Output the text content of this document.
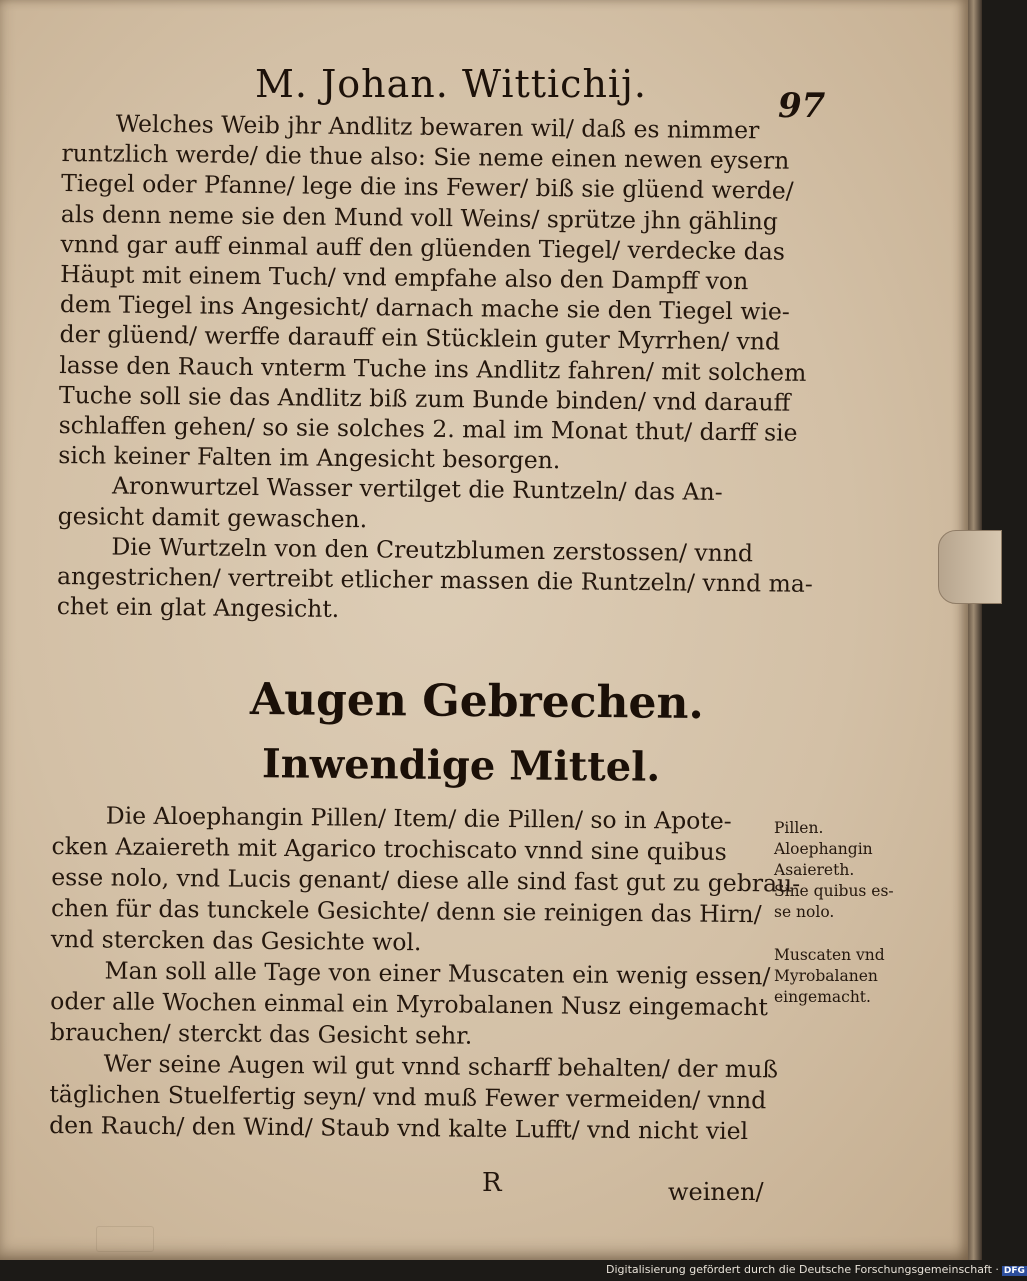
M. Johan. Wittichij.	97
Welches Weib jhr Andlitz bewaren wil/ daß es nimmer
runtzlich werde/ die thue also: Sie neme einen newen eysern
Tiegel oder Pfanne/ lege die ins Fewer/ biß sie glüend werde/
als denn neme sie den Mund voll Weins/ sprütze jhn gähling
vnnd gar auff einmal auff den glüenden Tiegel/ verdecke das
Häupt mit einem Tuch/ vnd empfahe also den Dampff von
dem Tiegel ins Angesicht/ darnach mache sie den Tiegel wie-
der glüend/ werffe darauff ein Stücklein guter Myrrhen/ vnd
lasse den Rauch vnterm Tuche ins Andlitz fahren/ mit solchem
Tuche soll sie das Andlitz biß zum Bunde binden/ vnd darauff
schlaffen gehen/ so sie solches 2. mal im Monat thut/ darff sie
sich keiner Falten im Angesicht besorgen.
Aronwurtzel Wasser vertilget die Runtzeln/ das An-
gesicht damit gewaschen.
Die Wurtzeln von den Creutzblumen zerstossen/ vnnd
angestrichen/ vertreibt etlicher massen die Runtzeln/ vnnd ma-
chet ein glat Angesicht.
Augen Gebrechen.
Inwendige Mittel.
Die Aloephangin Pillen/ Item/ die Pillen/ so in Apote-
cken Azaiereth mit Agarico trochiscato vnnd sine quibus
esse nolo, vnd Lucis genant/ diese alle sind fast gut zu gebrau-
chen für das tunckele Gesichte/ denn sie reinigen das Hirn/
vnd stercken das Gesichte wol.
Man soll alle Tage von einer Muscaten ein wenig essen/
oder alle Wochen einmal ein Myrobalanen Nusz eingemacht
brauchen/ sterckt das Gesicht sehr.
Wer seine Augen wil gut vnnd scharff behalten/ der muß
täglichen Stuelfertig seyn/ vnd muß Fewer vermeiden/ vnnd
den Rauch/ den Wind/ Staub vnd kalte Lufft/ vnd nicht viel
Pillen.
Aloephangin
Asaiereth.
Sine quibus es-
se nolo.
Muscaten vnd
Myrobalanen
eingemacht.
R	weinen/
Digitalisierung gefördert durch die Deutsche Forschungsgemeinschaft · DFG
